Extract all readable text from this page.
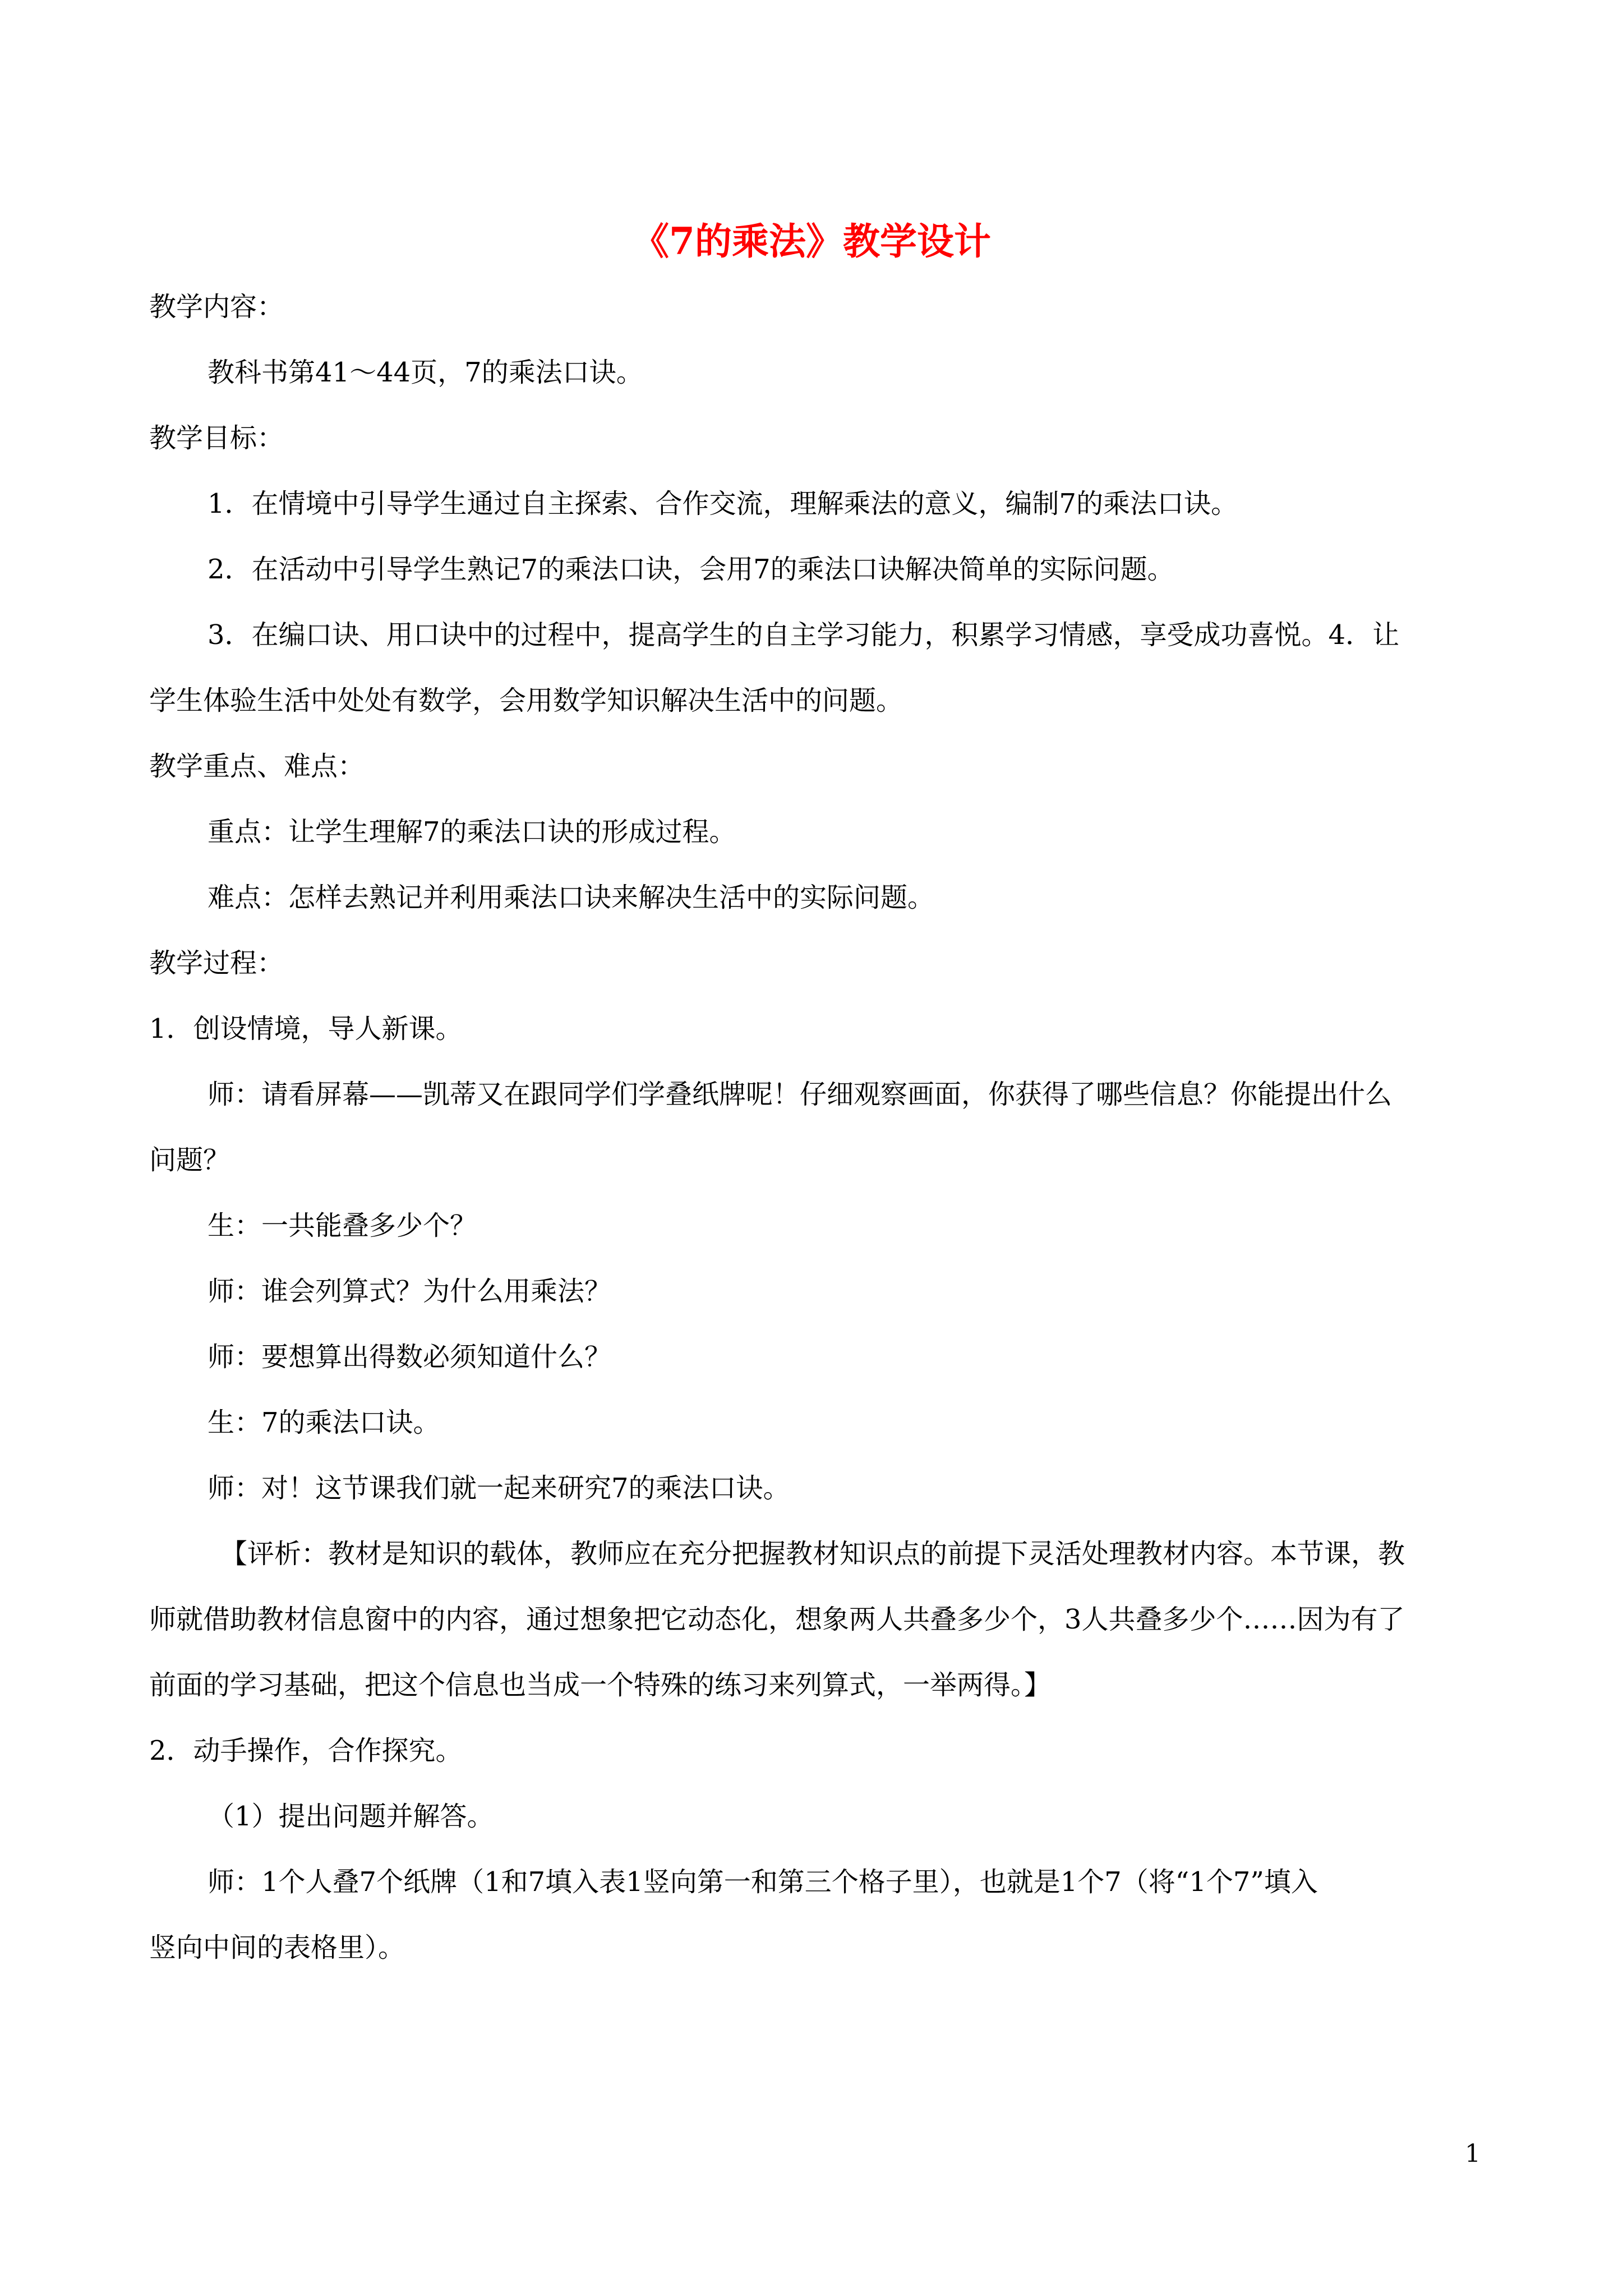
《7的乘法》教学设计
教学内容：
教科书第41～44页，7的乘法口诀。
教学目标：
1．在情境中引导学生通过自主探索、合作交流，理解乘法的意义，编制7的乘法口诀。
2．在活动中引导学生熟记7的乘法口诀，会用7的乘法口诀解决简单的实际问题。
3．在编口诀、用口诀中的过程中，提高学生的自主学习能力，积累学习情感，享受成功喜悦。4．让
学生体验生活中处处有数学，会用数学知识解决生活中的问题。
教学重点、难点：
重点：让学生理解7的乘法口诀的形成过程。
难点：怎样去熟记并利用乘法口诀来解决生活中的实际问题。
教学过程：
1．创设情境，导人新课。
师：请看屏幕——凯蒂又在跟同学们学叠纸牌呢！仔细观察画面，你获得了哪些信息？你能提出什么
问题？
生：一共能叠多少个？
师：谁会列算式？为什么用乘法？
师：要想算出得数必须知道什么？
生：7的乘法口诀。
师：对！这节课我们就一起来研究7的乘法口诀。
【评析：教材是知识的载体，教师应在充分把握教材知识点的前提下灵活处理教材内容。本节课，教
师就借助教材信息窗中的内容，通过想象把它动态化，想象两人共叠多少个，3人共叠多少个……因为有了
前面的学习基础，把这个信息也当成一个特殊的练习来列算式，一举两得。】
2．动手操作，合作探究。
（1）提出问题并解答。
师：1个人叠7个纸牌（1和7填入表1竖向第一和第三个格子里），也就是1个7（将“1个7”填入
竖向中间的表格里）。
1
